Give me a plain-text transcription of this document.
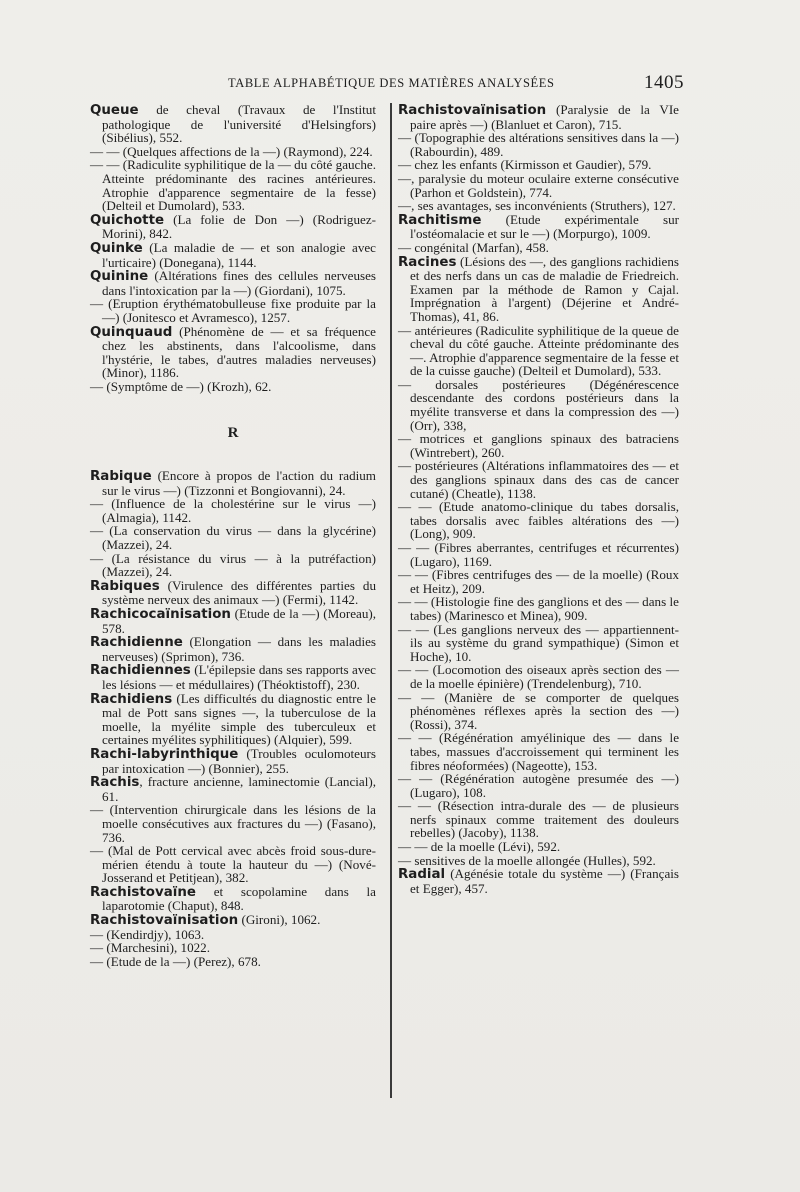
TABLE ALPHABÉTIQUE DES MATIÈRES ANALYSÉES	1405

Queue de cheval (Travaux de l'Institut pathologique de l'université d'Helsingfors) (Sibélius), 552.

— — (Quelques affections de la —) (Raymond), 224.

— — (Radiculite syphilitique de la — du côté gauche. Atteinte prédominante des racines antérieures. Atrophie d'apparence segmentaire de la fesse) (Delteil et Dumolard), 533.

Quichotte (La folie de Don —) (Rodriguez-Morini), 842.

Quinke (La maladie de — et son analogie avec l'urticaire) (Donegana), 1144.

Quinine (Altérations fines des cellules nerveuses dans l'intoxication par la —) (Giordani), 1075.

— (Eruption érythématobulleuse fixe produite par la —) (Jonitesco et Avramesco), 1257.

Quinquaud (Phénomène de — et sa fréquence chez les abstinents, dans l'alcoolisme, dans l'hystérie, le tabes, d'autres maladies nerveuses) (Minor), 1186.

— (Symptôme de —) (Krozh), 62.

R

Rabique (Encore à propos de l'action du radium sur le virus —) (Tizzonni et Bongiovanni), 24.

— (Influence de la cholestérine sur le virus —) (Almagia), 1142.

— (La conservation du virus — dans la glycérine) (Mazzei), 24.

— (La résistance du virus — à la putréfaction) (Mazzei), 24.

Rabiques (Virulence des différentes parties du système nerveux des animaux —) (Fermi), 1142.

Rachicocaïnisation (Etude de la —) (Moreau), 578.

Rachidienne (Elongation — dans les maladies nerveuses) (Sprimon), 736.

Rachidiennes (L'épilepsie dans ses rapports avec les lésions — et médullaires) (Théoktistoff), 230.

Rachidiens (Les difficultés du diagnostic entre le mal de Pott sans signes —, la tuberculose de la moelle, la myélite simple des tuberculeux et certaines myélites syphilitiques) (Alquier), 599.

Rachi-labyrinthique (Troubles oculomoteurs par intoxication —) (Bonnier), 255.

Rachis, fracture ancienne, laminectomie (Lancial), 61.

— (Intervention chirurgicale dans les lésions de la moelle consécutives aux fractures du —) (Fasano), 736.

— (Mal de Pott cervical avec abcès froid sous-dure-mérien étendu à toute la hauteur du —) (Nové-Josserand et Petitjean), 382.

Rachistovaïne et scopolamine dans la laparotomie (Chaput), 848.

Rachistovaïnisation (Gironi), 1062.

— (Kendirdjy), 1063.

— (Marchesini), 1022.

— (Etude de la —) (Perez), 678.

Rachistovaïnisation (Paralysie de la VIe paire après —) (Blanluet et Caron), 715.

— (Topographie des altérations sensitives dans la —) (Rabourdin), 489.

— chez les enfants (Kirmisson et Gaudier), 579.

—, paralysie du moteur oculaire externe consécutive (Parhon et Goldstein), 774.

—, ses avantages, ses inconvénients (Struthers), 127.

Rachitisme (Etude expérimentale sur l'ostéomalacie et sur le —) (Morpurgo), 1009.

— congénital (Marfan), 458.

Racines (Lésions des —, des ganglions rachidiens et des nerfs dans un cas de maladie de Friedreich. Examen par la méthode de Ramon y Cajal. Imprégnation à l'argent) (Déjerine et André-Thomas), 41, 86.

— antérieures (Radiculite syphilitique de la queue de cheval du côté gauche. Atteinte prédominante des —. Atrophie d'apparence segmentaire de la fesse et de la cuisse gauche) (Delteil et Dumolard), 533.

— dorsales postérieures (Dégénérescence descendante des cordons postérieurs dans la myélite transverse et dans la compression des —) (Orr), 338,

— motrices et ganglions spinaux des batraciens (Wintrebert), 260.

— postérieures (Altérations inflammatoires des — et des ganglions spinaux dans des cas de cancer cutané) (Cheatle), 1138.

— — (Etude anatomo-clinique du tabes dorsalis, tabes dorsalis avec faibles altérations des —) (Long), 909.

— — (Fibres aberrantes, centrifuges et récurrentes) (Lugaro), 1169.

— — (Fibres centrifuges des — de la moelle) (Roux et Heitz), 209.

— — (Histologie fine des ganglions et des — dans le tabes) (Marinesco et Minea), 909.

— — (Les ganglions nerveux des — appartiennent-ils au système du grand sympathique) (Simon et Hoche), 10.

— — (Locomotion des oiseaux après section des — de la moelle épinière) (Trendelenburg), 710.

— — (Manière de se comporter de quelques phénomènes réflexes après la section des —) (Rossi), 374.

— — (Régénération amyélinique des — dans le tabes, massues d'accroissement qui terminent les fibres néoformées) (Nageotte), 153.

— — (Régénération autogène presumée des —) (Lugaro), 108.

— — (Résection intra-durale des — de plusieurs nerfs spinaux comme traitement des douleurs rebelles) (Jacoby), 1138.

— — de la moelle (Lévi), 592.

— sensitives de la moelle allongée (Hulles), 592.

Radial (Agénésie totale du système —) (Français et Egger), 457.
